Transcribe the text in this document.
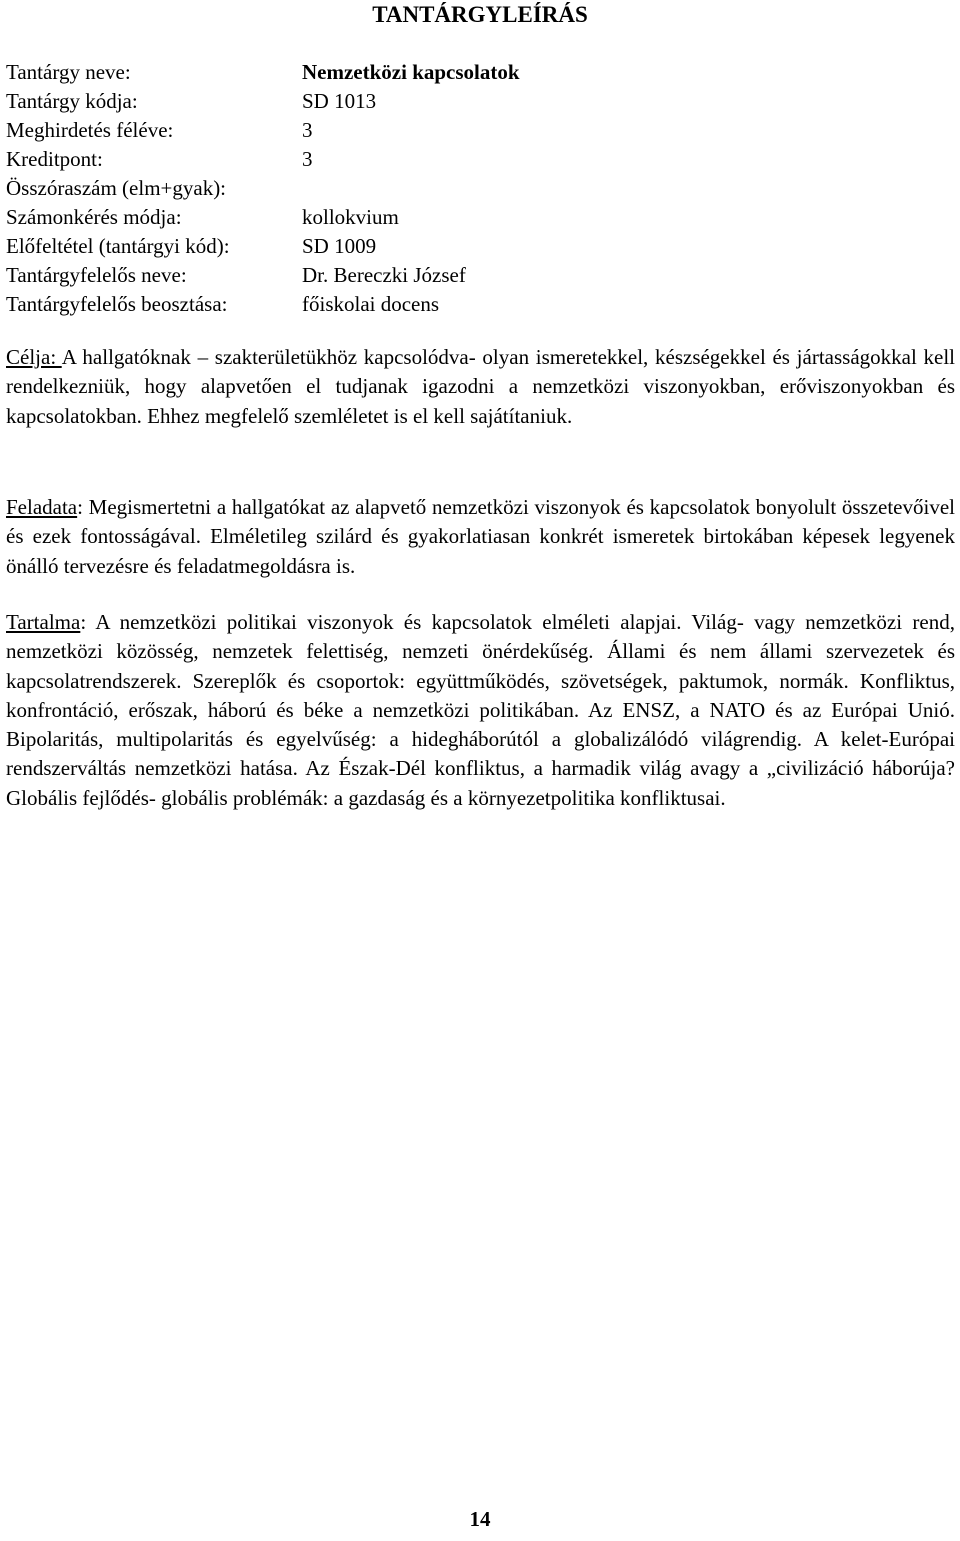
TANTÁRGYLEÍRÁS
Tantárgy neve:	Nemzetközi kapcsolatok
Tantárgy kódja:	SD 1013
Meghirdetés féléve:	3
Kreditpont:	3
Összóraszám (elm+gyak):
Számonkérés módja:	kollokvium
Előfeltétel (tantárgyi kód):	SD 1009
Tantárgyfelelős neve:	Dr. Bereczki József
Tantárgyfelelős beosztása:	főiskolai docens

Célja: A hallgatóknak – szakterületükhöz kapcsolódva- olyan ismeretekkel, készségekkel és jártasságokkal kell rendelkezniük, hogy alapvetően el tudjanak igazodni a nemzetközi viszonyokban, erőviszonyokban és kapcsolatokban. Ehhez megfelelő szemléletet is el kell sajátítaniuk.

Feladata: Megismertetni a hallgatókat az alapvető nemzetközi viszonyok és kapcsolatok bonyolult összetevőivel és ezek fontosságával. Elméletileg szilárd és gyakorlatiasan konkrét ismeretek birtokában képesek legyenek önálló tervezésre és feladatmegoldásra is.

Tartalma: A nemzetközi politikai viszonyok és kapcsolatok elméleti alapjai. Világ- vagy nemzetközi rend, nemzetközi közösség, nemzetek felettiség, nemzeti önérdekűség. Állami és nem állami szervezetek és kapcsolatrendszerek. Szereplők és csoportok: együttműködés, szövetségek, paktumok, normák. Konfliktus, konfrontáció, erőszak, háború és béke a nemzetközi politikában. Az ENSZ, a NATO és az Európai Unió. Bipolaritás, multipolaritás és egyelvűség: a hidegháborútól a globalizálódó világrendig. A kelet-Európai rendszerváltás nemzetközi hatása. Az Észak-Dél konfliktus, a harmadik világ avagy a „civilizáció háborúja? Globális fejlődés- globális problémák: a gazdaság és a környezetpolitika konfliktusai.

14
